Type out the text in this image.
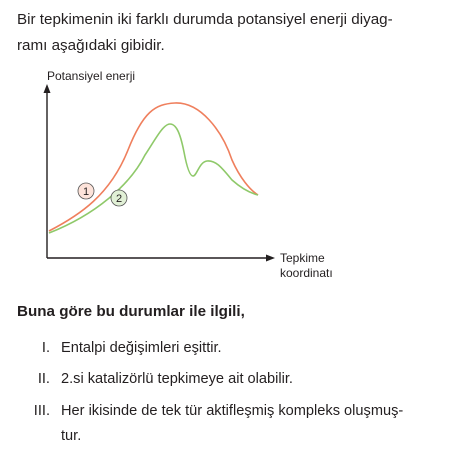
Bir tepkimenin iki farklı durumda potansiyel enerji diyag-
ramı aşağıdaki gibidir.
Potansiyel enerji
Tepkime
koordinatı
1
2
Buna göre bu durumlar ile ilgili,
I. Entalpi değişimleri eşittir.
II. 2.si katalizörlü tepkimeye ait olabilir.
III. Her ikisinde de tek tür aktifleşmiş kompleks oluşmuş-
tur.
